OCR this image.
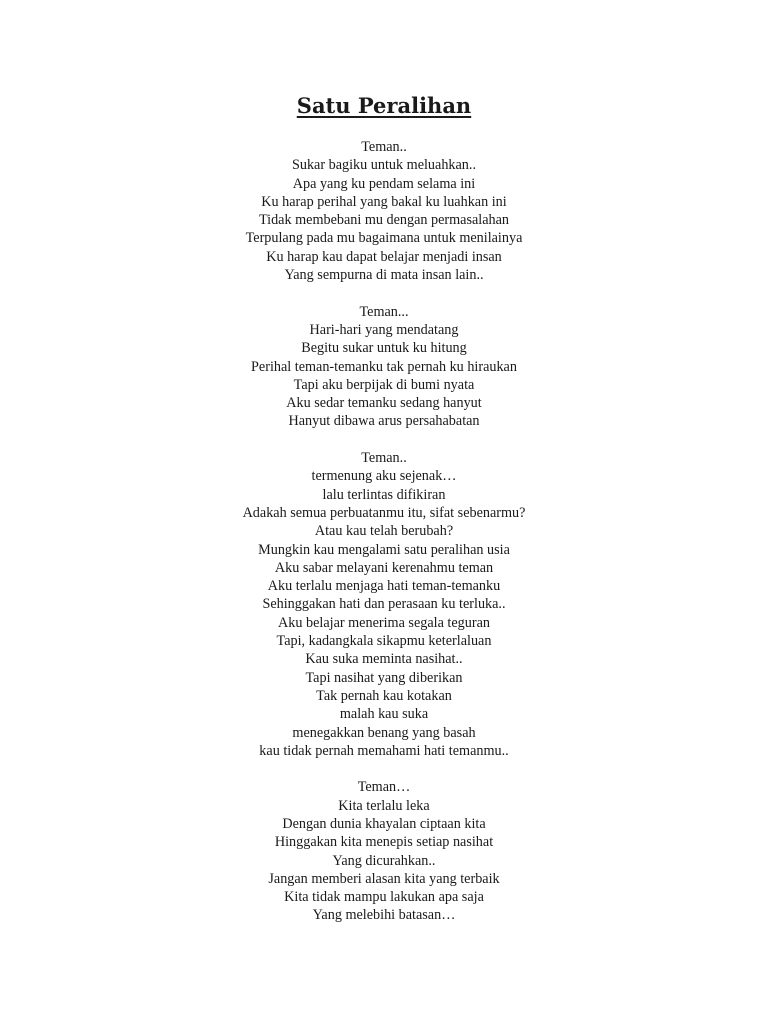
Satu Peralihan
Teman..
Sukar bagiku untuk meluahkan..
Apa yang ku pendam selama ini
Ku harap perihal yang bakal ku luahkan ini
Tidak membebani mu dengan permasalahan
Terpulang pada mu bagaimana untuk menilainya
Ku harap kau dapat belajar menjadi insan
Yang sempurna di mata insan lain..
Teman...
Hari-hari yang mendatang
Begitu sukar untuk ku hitung
Perihal teman-temanku tak pernah ku hiraukan
Tapi aku berpijak di bumi nyata
Aku sedar temanku sedang hanyut
Hanyut dibawa arus persahabatan
Teman..
termenung aku sejenak…
lalu terlintas difikiran
Adakah semua perbuatanmu itu, sifat sebenarmu?
Atau kau telah berubah?
Mungkin kau mengalami satu peralihan usia
Aku sabar melayani kerenahmu teman
Aku terlalu menjaga hati teman-temanku
Sehinggakan hati dan perasaan ku terluka..
Aku belajar menerima segala teguran
Tapi, kadangkala sikapmu keterlaluan
Kau suka meminta nasihat..
Tapi nasihat yang diberikan
Tak pernah kau kotakan
malah kau suka
menegakkan benang yang basah
kau tidak pernah memahami hati temanmu..
Teman…
Kita terlalu leka
Dengan dunia khayalan ciptaan kita
Hinggakan kita menepis setiap nasihat
Yang dicurahkan..
Jangan memberi alasan kita yang terbaik
Kita tidak mampu lakukan apa saja
Yang melebihi batasan…
